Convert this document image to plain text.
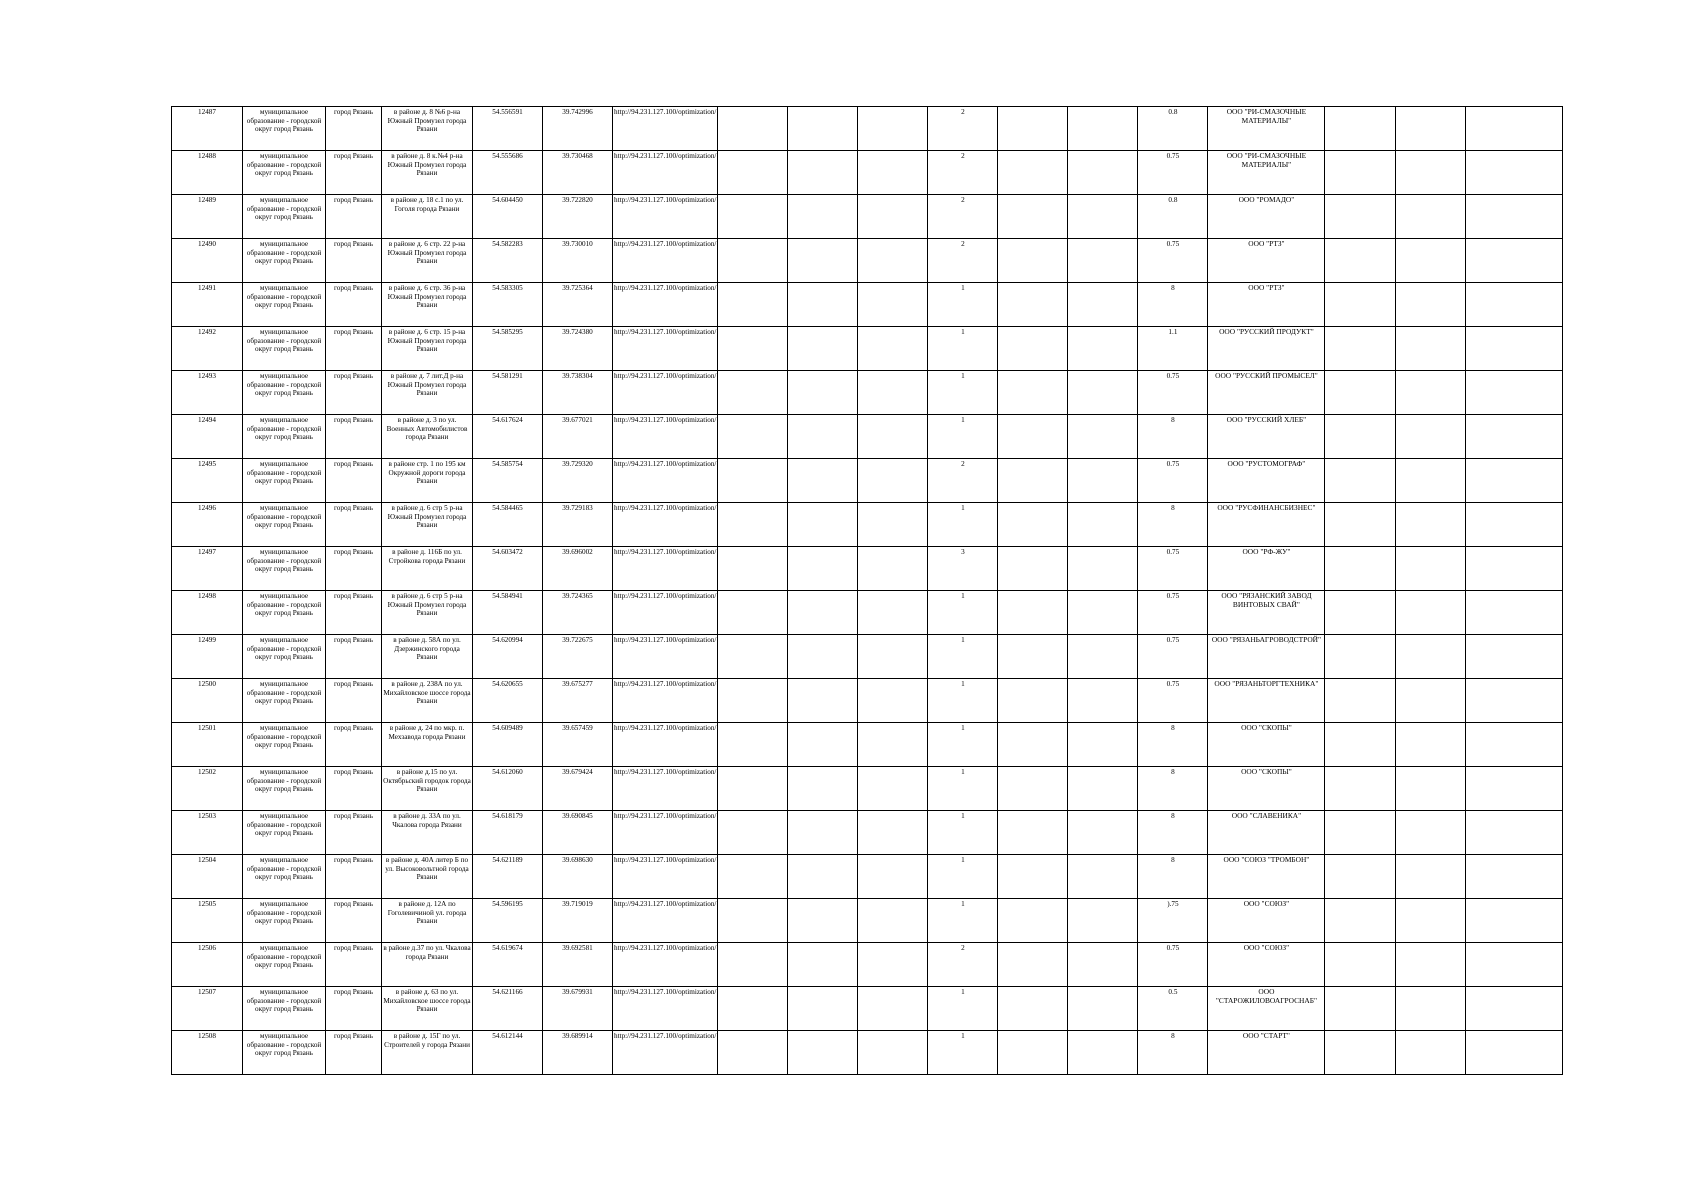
12487	муниципальное образование - городской округ город Рязань	город Рязань	в районе д. 8 №6 р-на Южный Промузел города Рязани	54.556591	39.742996	http://94.231.127.100/optimization/				2			0.8	ООО "РИ-СМАЗОЧНЫЕ МАТЕРИАЛЫ"			
12488	муниципальное образование - городской округ город Рязань	город Рязань	в районе д. 8 к.№4 р-на Южный Промузел города Рязани	54.555686	39.730468	http://94.231.127.100/optimization/				2			0.75	ООО "РИ-СМАЗОЧНЫЕ МАТЕРИАЛЫ"			
12489	муниципальное образование - городской округ город Рязань	город Рязань	в районе д. 18 с.1 по ул. Гоголя города Рязани	54.604450	39.722820	http://94.231.127.100/optimization/				2			0.8	ООО "РОМАДО"			
12490	муниципальное образование - городской округ город Рязань	город Рязань	в районе д. 6 стр. 22 р-на Южный Промузел города Рязани	54.582283	39.730010	http://94.231.127.100/optimization/				2			0.75	ООО "РТЗ"			
12491	муниципальное образование - городской округ город Рязань	город Рязань	в районе д. 6 стр. 36 р-на Южный Промузел города Рязани	54.583305	39.725364	http://94.231.127.100/optimization/				1			8	ООО "РТЗ"			
12492	муниципальное образование - городской округ город Рязань	город Рязань	в районе д. 6 стр. 15 р-на Южный Промузел города Рязани	54.585295	39.724380	http://94.231.127.100/optimization/				1			1.1	ООО "РУССКИЙ ПРОДУКТ"			
12493	муниципальное образование - городской округ город Рязань	город Рязань	в районе д. 7 лит.Д р-на Южный Промузел города Рязани	54.581291	39.738304	http://94.231.127.100/optimization/				1			0.75	ООО "РУССКИЙ ПРОМЫСЕЛ"			
12494	муниципальное образование - городской округ город Рязань	город Рязань	в районе д. 3 по ул. Военных Автомобилистов города Рязани	54.617624	39.677021	http://94.231.127.100/optimization/				1			8	ООО "РУССКИЙ ХЛЕБ"			
12495	муниципальное образование - городской округ город Рязань	город Рязань	в районе стр. 1 по 195 км Окружной дороги города Рязани	54.585754	39.729320	http://94.231.127.100/optimization/				2			0.75	ООО "РУСТОМОГРАФ"			
12496	муниципальное образование - городской округ город Рязань	город Рязань	в районе д. 6 стр 5 р-на Южный Промузел города Рязани	54.584465	39.729183	http://94.231.127.100/optimization/				1			8	ООО "РУСФИНАНСБИЗНЕС"			
12497	муниципальное образование - городской округ город Рязань	город Рязань	в районе д. 116Б по ул. Стройкова города Рязани	54.603472	39.696002	http://94.231.127.100/optimization/				3			0.75	ООО "РФ-ЖУ"			
12498	муниципальное образование - городской округ город Рязань	город Рязань	в районе д. 6 стр 5 р-на Южный Промузел города Рязани	54.584941	39.724365	http://94.231.127.100/optimization/				1			0.75	ООО "РЯЗАНСКИЙ ЗАВОД ВИНТОВЫХ СВАЙ"			
12499	муниципальное образование - городской округ город Рязань	город Рязань	в районе д. 58А по ул. Дзержинского города Рязани	54.620994	39.722675	http://94.231.127.100/optimization/				1			0.75	ООО "РЯЗАНЬАГРОВОДСТРОЙ"			
12500	муниципальное образование - городской округ город Рязань	город Рязань	в районе д. 238А по ул. Михайловское шоссе города Рязани	54.620655	39.675277	http://94.231.127.100/optimization/				1			0.75	ООО "РЯЗАНЬТОРГТЕХНИКА"			
12501	муниципальное образование - городской округ город Рязань	город Рязань	в районе д. 24 по мкр. п. Мехзавода города Рязани	54.609489	39.657459	http://94.231.127.100/optimization/				1			8	ООО "СКОПЫ"			
12502	муниципальное образование - городской округ город Рязань	город Рязань	в районе д.15 по ул. Октябрьский городок города Рязани	54.612060	39.679424	http://94.231.127.100/optimization/				1			8	ООО "СКОПЫ"			
12503	муниципальное образование - городской округ город Рязань	город Рязань	в районе д. 33А по ул. Чкалова города Рязани	54.618179	39.690845	http://94.231.127.100/optimization/				1			8	ООО "СЛАВЕНИКА"			
12504	муниципальное образование - городской округ город Рязань	город Рязань	в районе д. 40А литер Б по ул. Высоковольтной города Рязани	54.621189	39.698630	http://94.231.127.100/optimization/				1			8	ООО "СОЮЗ "ТРОМБОН"			
12505	муниципальное образование - городской округ город Рязань	город Рязань	в районе д. 12А по Гоголевичиной ул. города Рязани	54.596195	39.719019	http://94.231.127.100/optimization/				1			).75	ООО "СОЮЗ"			
12506	муниципальное образование - городской округ город Рязань	город Рязань	в районе д.37 по ул. Чкалова города Рязани	54.619674	39.692581	http://94.231.127.100/optimization/				2			0.75	ООО "СОЮЗ"			
12507	муниципальное образование - городской округ город Рязань	город Рязань	в районе д. 63 по ул. Михайловское шоссе города Рязани	54.621166	39.679931	http://94.231.127.100/optimization/				1			0.5	ООО "СТАРОЖИЛОВОАГРОСНАБ"			
12508	муниципальное образование - городской округ город Рязань	город Рязань	в районе д. 15Г по ул. Строителей у города Рязани	54.612144	39.689914	http://94.231.127.100/optimization/				1			8	ООО "СТАРТ"			
